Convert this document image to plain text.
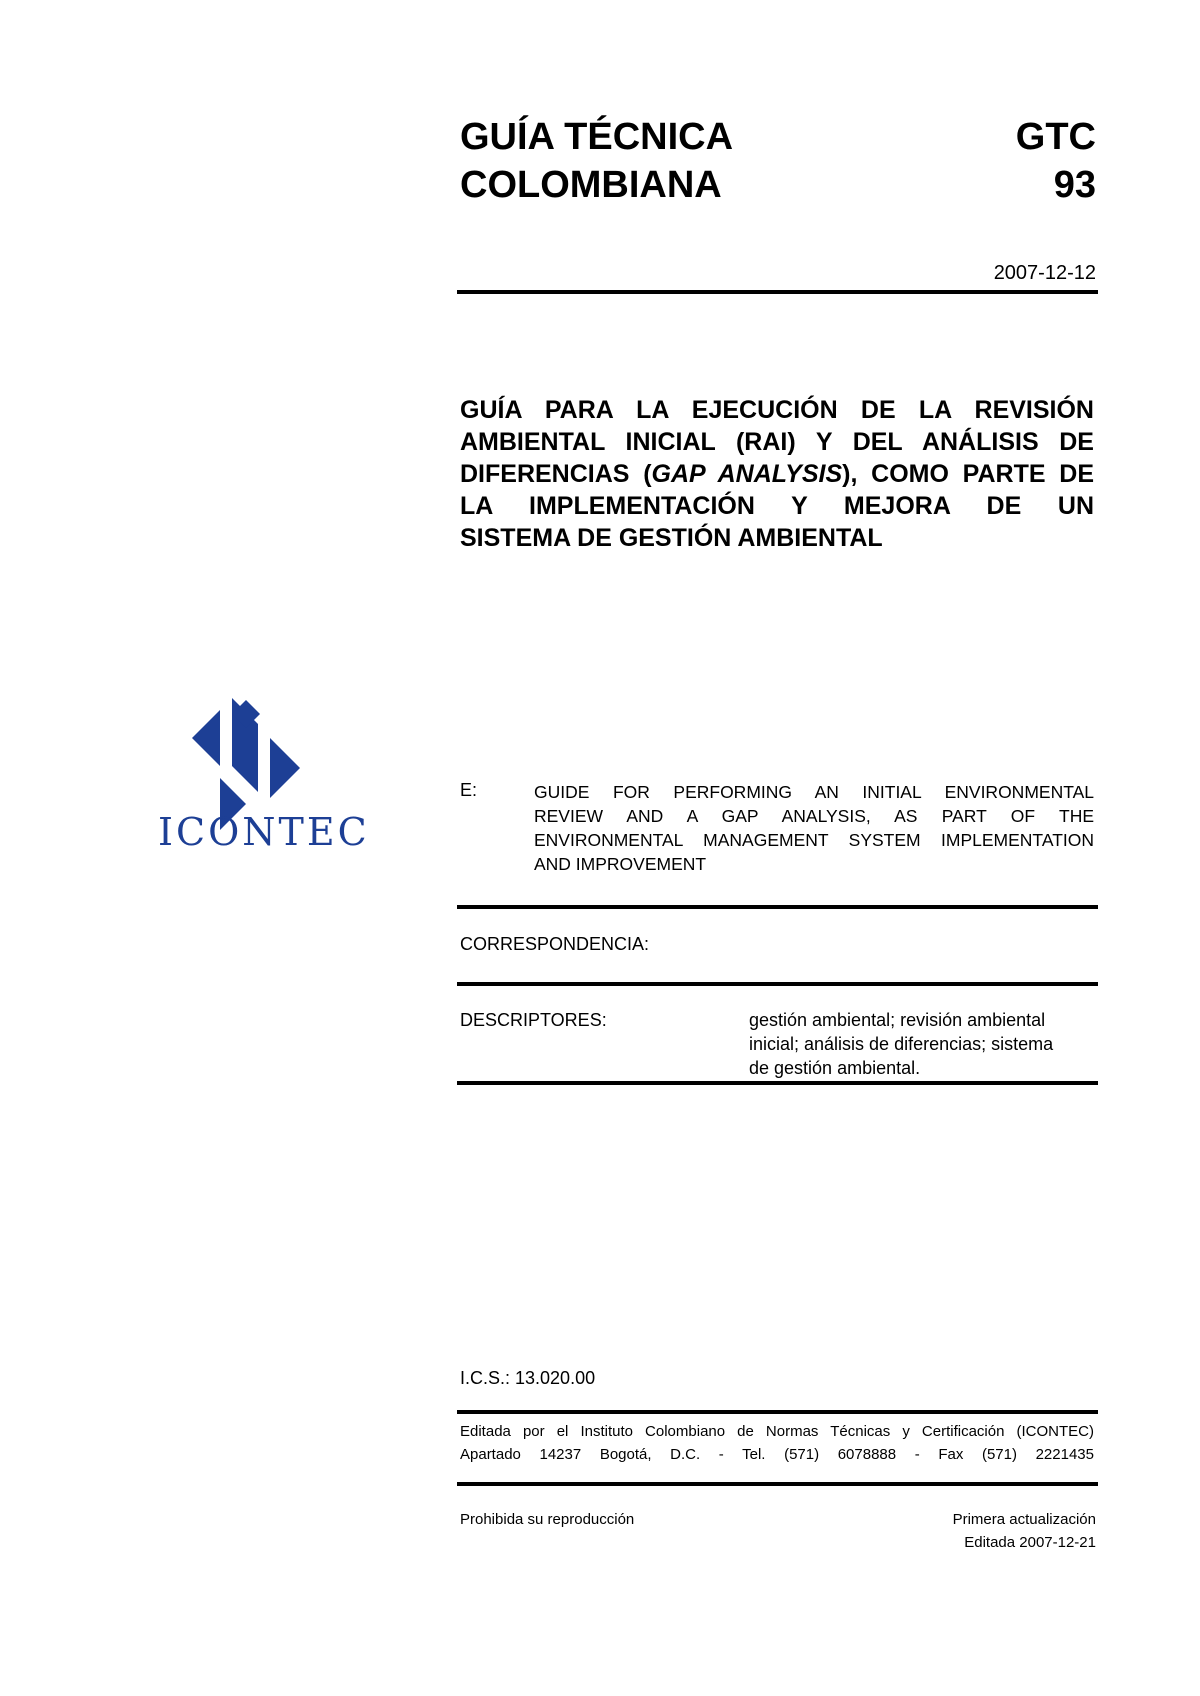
GUÍA TÉCNICA
COLOMBIANA
GTC
93
2007-12-12
GUÍA PARA LA EJECUCIÓN DE LA REVISIÓN
AMBIENTAL INICIAL (RAI) Y DEL ANÁLISIS DE
DIFERENCIAS (GAP ANALYSIS), COMO PARTE DE
LA IMPLEMENTACIÓN Y MEJORA DE UN
SISTEMA DE GESTIÓN AMBIENTAL
ICONTEC
E:	GUIDE FOR PERFORMING AN INITIAL ENVIRONMENTAL
REVIEW AND A GAP ANALYSIS, AS PART OF THE
ENVIRONMENTAL MANAGEMENT SYSTEM IMPLEMENTATION
AND IMPROVEMENT
CORRESPONDENCIA:
DESCRIPTORES:	gestión ambiental; revisión ambiental
inicial; análisis de diferencias; sistema
de gestión ambiental.
I.C.S.: 13.020.00
Editada por el Instituto Colombiano de Normas Técnicas y Certificación (ICONTEC)
Apartado 14237 Bogotá, D.C. - Tel. (571) 6078888 - Fax (571) 2221435
Prohibida su reproducción	Primera actualización
Editada 2007-12-21
